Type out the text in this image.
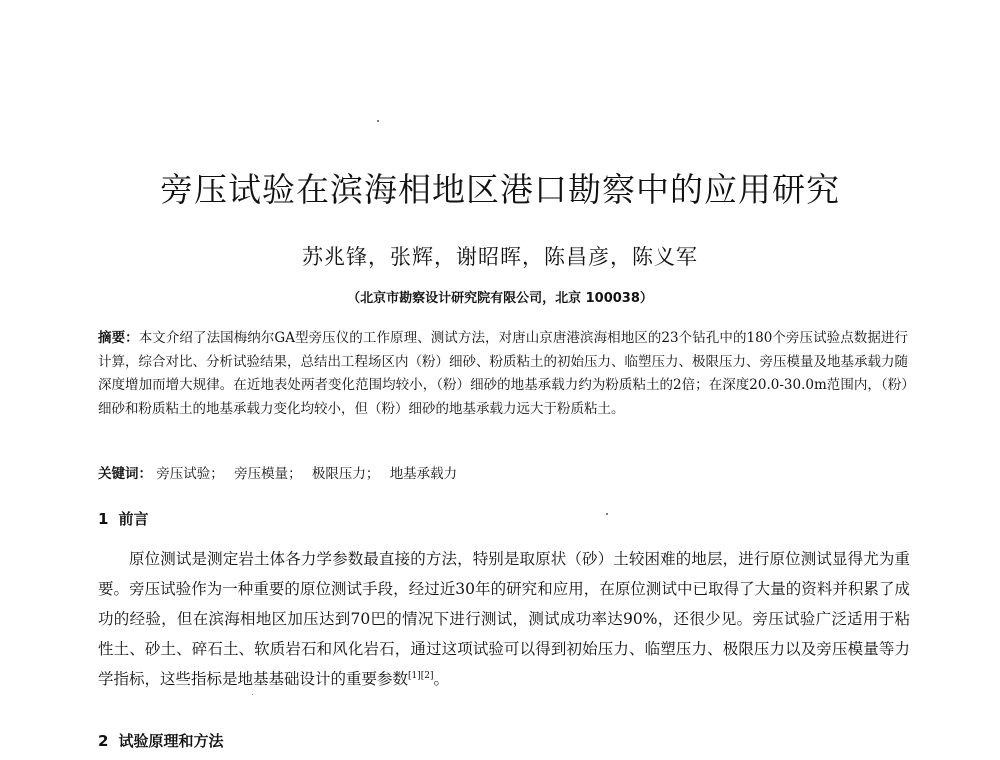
旁压试验在滨海相地区港口勘察中的应用研究
苏兆锋，张辉，谢昭晖，陈昌彦，陈义军
（北京市勘察设计研究院有限公司，北京 100038）
摘要：本文介绍了法国梅纳尔GA型旁压仪的工作原理、测试方法，对唐山京唐港滨海相地区的23个钻孔中的180个旁压试验点数据进行计算，综合对比、分析试验结果，总结出工程场区内（粉）细砂、粉质粘土的初始压力、临塑压力、极限压力、旁压模量及地基承载力随深度增加而增大规律。在近地表处两者变化范围均较小，（粉）细砂的地基承载力约为粉质粘土的2倍；在深度20.0-30.0m范围内，（粉）细砂和粉质粘土的地基承载力变化均较小，但（粉）细砂的地基承载力远大于粉质粘土。
关键词： 旁压试验； 旁压模量； 极限压力； 地基承载力
1 前言
原位测试是测定岩土体各力学参数最直接的方法，特别是取原状（砂）土较困难的地层，进行原位测试显得尤为重要。旁压试验作为一种重要的原位测试手段，经过近30年的研究和应用，在原位测试中已取得了大量的资料并积累了成功的经验，但在滨海相地区加压达到70巴的情况下进行测试，测试成功率达90%，还很少见。旁压试验广泛适用于粘性土、砂土、碎石土、软质岩石和风化岩石，通过这项试验可以得到初始压力、临塑压力、极限压力以及旁压模量等力学指标，这些指标是地基基础设计的重要参数[1][2]。
2 试验原理和方法
